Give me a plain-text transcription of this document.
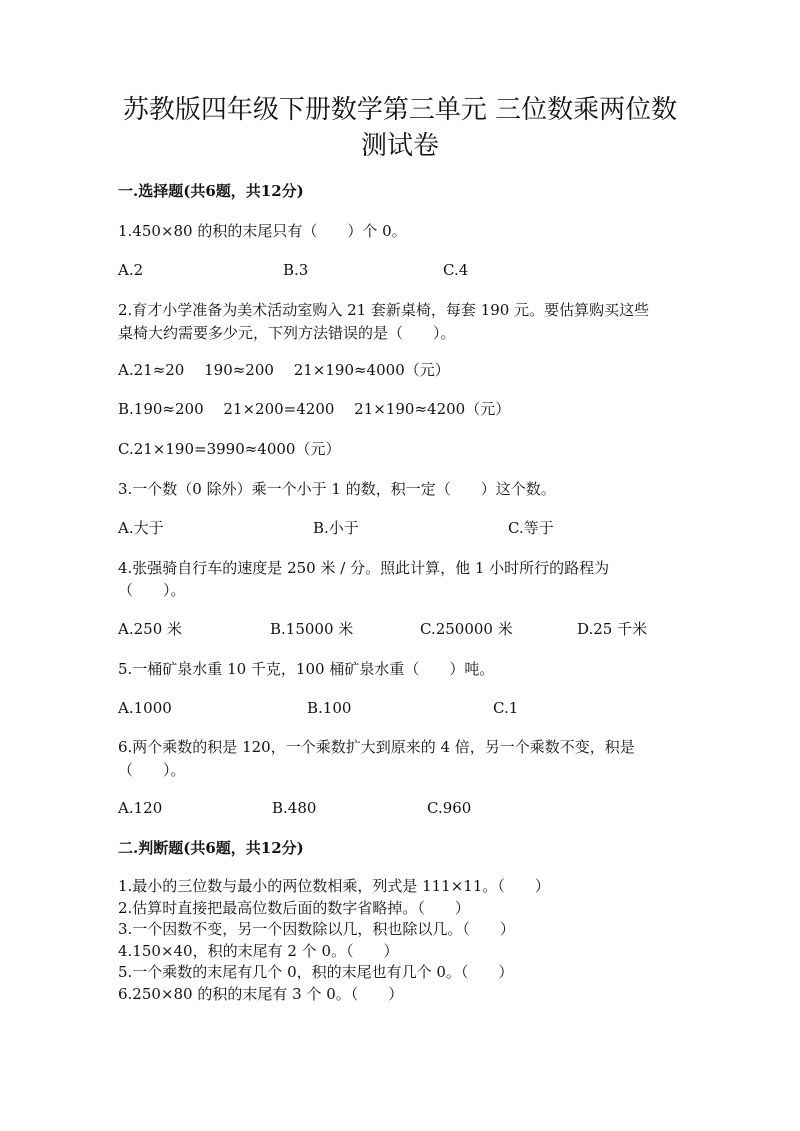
苏教版四年级下册数学第三单元 三位数乘两位数
测试卷

一.选择题(共6题，共12分)

1.450×80 的积的末尾只有（　　）个 0。

A.2	B.3	C.4

2.育才小学准备为美术活动室购入 21 套新桌椅，每套 190 元。要估算购买这些

桌椅大约需要多少元，下列方法错误的是（　　）。

A.21≈20　 190≈200　 21×190≈4000（元）
B.190≈200　 21×200=4200　 21×190≈4200（元）
C.21×190=3990≈4000（元）

3.一个数（0 除外）乘一个小于 1 的数，积一定（　　）这个数。

A.大于	B.小于	C.等于

4.张强骑自行车的速度是 250 米 / 分。照此计算，他 1 小时所行的路程为

（　　）。

A.250 米	B.15000 米	C.250000 米	D.25 千米

5.一桶矿泉水重 10 千克，100 桶矿泉水重（　　）吨。

A.1000	B.100	C.1

6.两个乘数的积是 120，一个乘数扩大到原来的 4 倍，另一个乘数不变，积是

（　　）。

A.120	B.480	C.960

二.判断题(共6题，共12分)

1.最小的三位数与最小的两位数相乘，列式是 111×11。（　　）

2.估算时直接把最高位数后面的数字省略掉。（　　）

3.一个因数不变，另一个因数除以几，积也除以几。（　　）

4.150×40，积的末尾有 2 个 0。（　　）

5.一个乘数的末尾有几个 0，积的末尾也有几个 0。（　　）

6.250×80 的积的末尾有 3 个 0。（　　）
